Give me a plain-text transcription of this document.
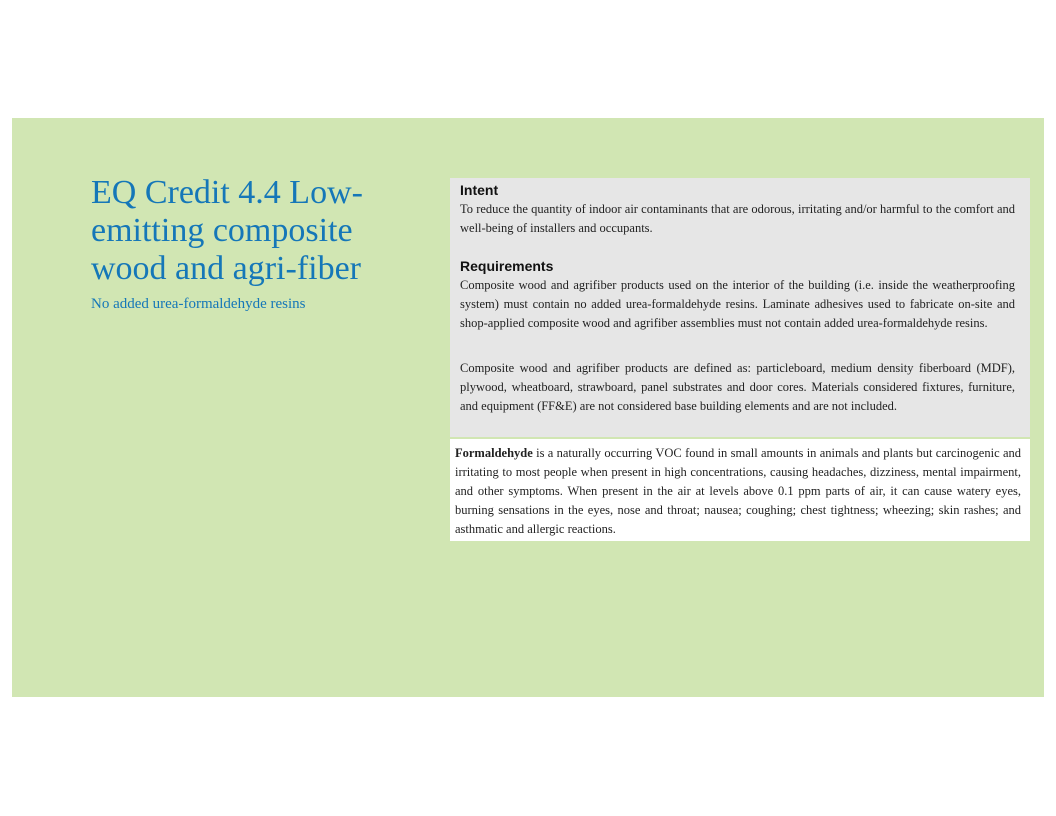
EQ Credit 4.4 Low-emitting composite wood and agri-fiber

No added urea-formaldehyde resins

Intent

To reduce the quantity of indoor air contaminants that are odorous, irritating and/or harmful to the comfort and well-being of installers and occupants.

Requirements

Composite wood and agrifiber products used on the interior of the building (i.e. inside the weatherproofing system) must contain no added urea-formaldehyde resins. Laminate adhesives used to fabricate on-site and shop-applied composite wood and agrifiber assemblies must not contain added urea-formaldehyde resins.

Composite wood and agrifiber products are defined as: particleboard, medium density fiberboard (MDF), plywood, wheatboard, strawboard, panel substrates and door cores. Materials considered fixtures, furniture, and equipment (FF&E) are not considered base building elements and are not included.

Formaldehyde is a naturally occurring VOC found in small amounts in animals and plants but carcinogenic and irritating to most people when present in high concentrations, causing headaches, dizziness, mental impairment, and other symptoms. When present in the air at levels above 0.1 ppm parts of air, it can cause watery eyes, burning sensations in the eyes, nose and throat; nausea; coughing; chest tightness; wheezing; skin rashes; and asthmatic and allergic reactions.
